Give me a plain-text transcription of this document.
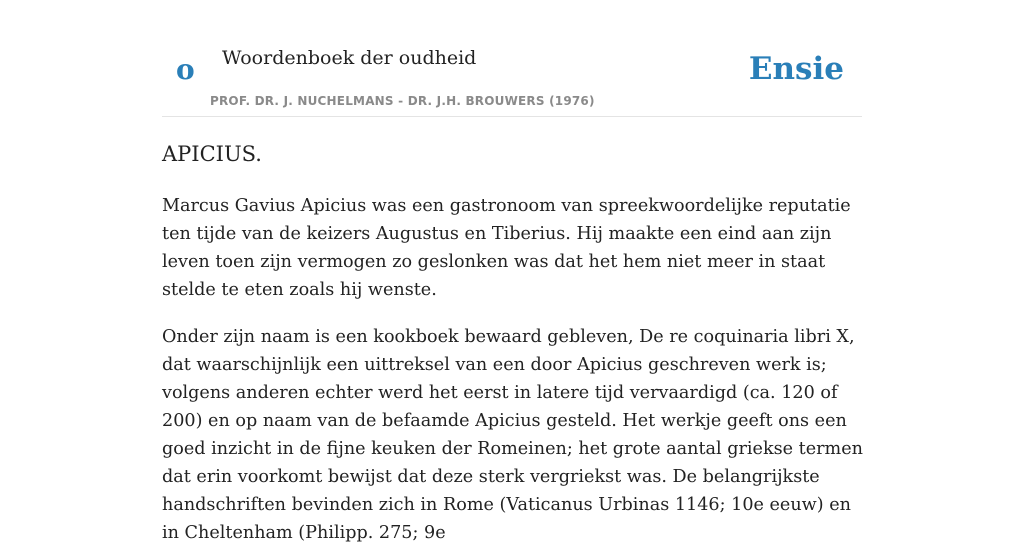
o Woordenboek der oudheid
PROF. DR. J. NUCHELMANS - DR. J.H. BROUWERS (1976)
Ensie
APICIUS.

Marcus Gavius Apicius was een gastronoom van spreekwoordelijke reputatie ten tijde van de keizers Augustus en Tiberius. Hij maakte een eind aan zijn leven toen zijn vermogen zo geslonken was dat het hem niet meer in staat stelde te eten zoals hij wenste.

Onder zijn naam is een kookboek bewaard gebleven, De re coquinaria libri X, dat waarschijnlijk een uittreksel van een door Apicius geschreven werk is; volgens anderen echter werd het eerst in latere tijd vervaardigd (ca. 120 of 200) en op naam van de befaamde Apicius gesteld. Het werkje geeft ons een goed inzicht in de fijne keuken der Romeinen; het grote aantal griekse termen dat erin voorkomt bewijst dat deze sterk vergriekst was. De belangrijkste handschriften bevinden zich in Rome (Vaticanus Urbinas 1146; 10e eeuw) en in Cheltenham (Philipp. 275; 9e
